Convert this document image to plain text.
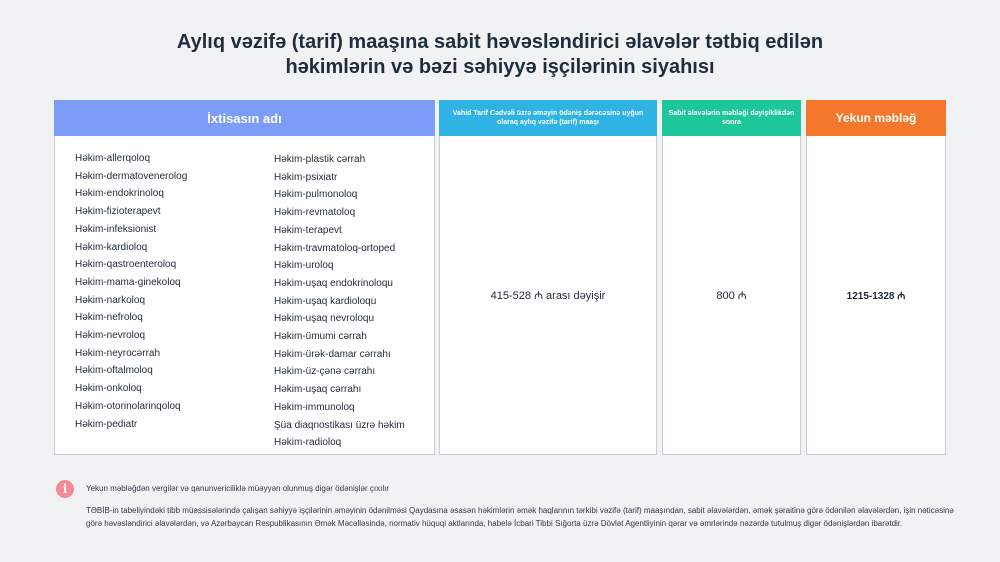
Aylıq vəzifə (tarif) maaşına sabit həvəsləndirici əlavələr tətbiq edilən
həkimlərin və bəzi səhiyyə işçilərinin siyahısı
İxtisasın adı
Həkim-allerqoloq
Həkim-dermatovenerolog
Həkim-endokrinoloq
Həkim-fizioterapevt
Həkim-infeksionist
Həkim-kardioloq
Həkim-qastroenteroloq
Həkim-mama-ginekoloq
Həkim-narkoloq
Həkim-nefroloq
Həkim-nevroloq
Həkim-neyrocərrah
Həkim-oftalmoloq
Həkim-onkoloq
Həkim-otorinolarinqoloq
Həkim-pediatr
Həkim-plastik cərrah
Həkim-psixiatr
Həkim-pulmonoloq
Həkim-revmatoloq
Həkim-terapevt
Həkim-travmatoloq-ortoped
Həkim-uroloq
Həkim-uşaq endokrinoloqu
Həkim-uşaq kardioloqu
Həkim-uşaq nevroloqu
Həkim-ümumi cərrah
Həkim-ürək-damar cərrahı
Həkim-üz-çənə cərrahı
Həkim-uşaq cərrahı
Həkim-immunoloq
Şüa diaqnostikası üzrə həkim
Həkim-radioloq
Vahid Tarif Cədvəli üzrə əməyin ödəniş dərəcəsinə uyğun olaraq aylıq vəzifə (tarif) maaşı
415-528 ₼ arası dəyişir
Sabit əlavələrin məbləği dəyişiklikdən sonra
800 ₼
Yekun məbləğ
1215-1328 ₼
i	Yekun məbləğdən vergilər və qanunvericiliklə müəyyən olunmuş digər ödənişlər çıxılır
TƏBİB-in tabeliyindəki tibb müəssisələrində çalışan səhiyyə işçilərinin əməyinin ödənilməsi Qaydasına əsasən həkimlərin əmək haqlarının tərkibi vəzifə (tarif) maaşından, sabit əlavələrdən, əmək şəraitinə görə ödənilən əlavələrdən, işin nəticəsinə görə həvəsləndirici əlavələrdən, və Azərbaycan Respublikasının Əmək Məcəlləsində, normativ hüquqi aktlarında, habelə İcbari Tibbi Sığorta üzrə Dövlət Agentliyinin qərar və əmrlərində nəzərdə tutulmuş digər ödənişlərdən ibarətdir.
